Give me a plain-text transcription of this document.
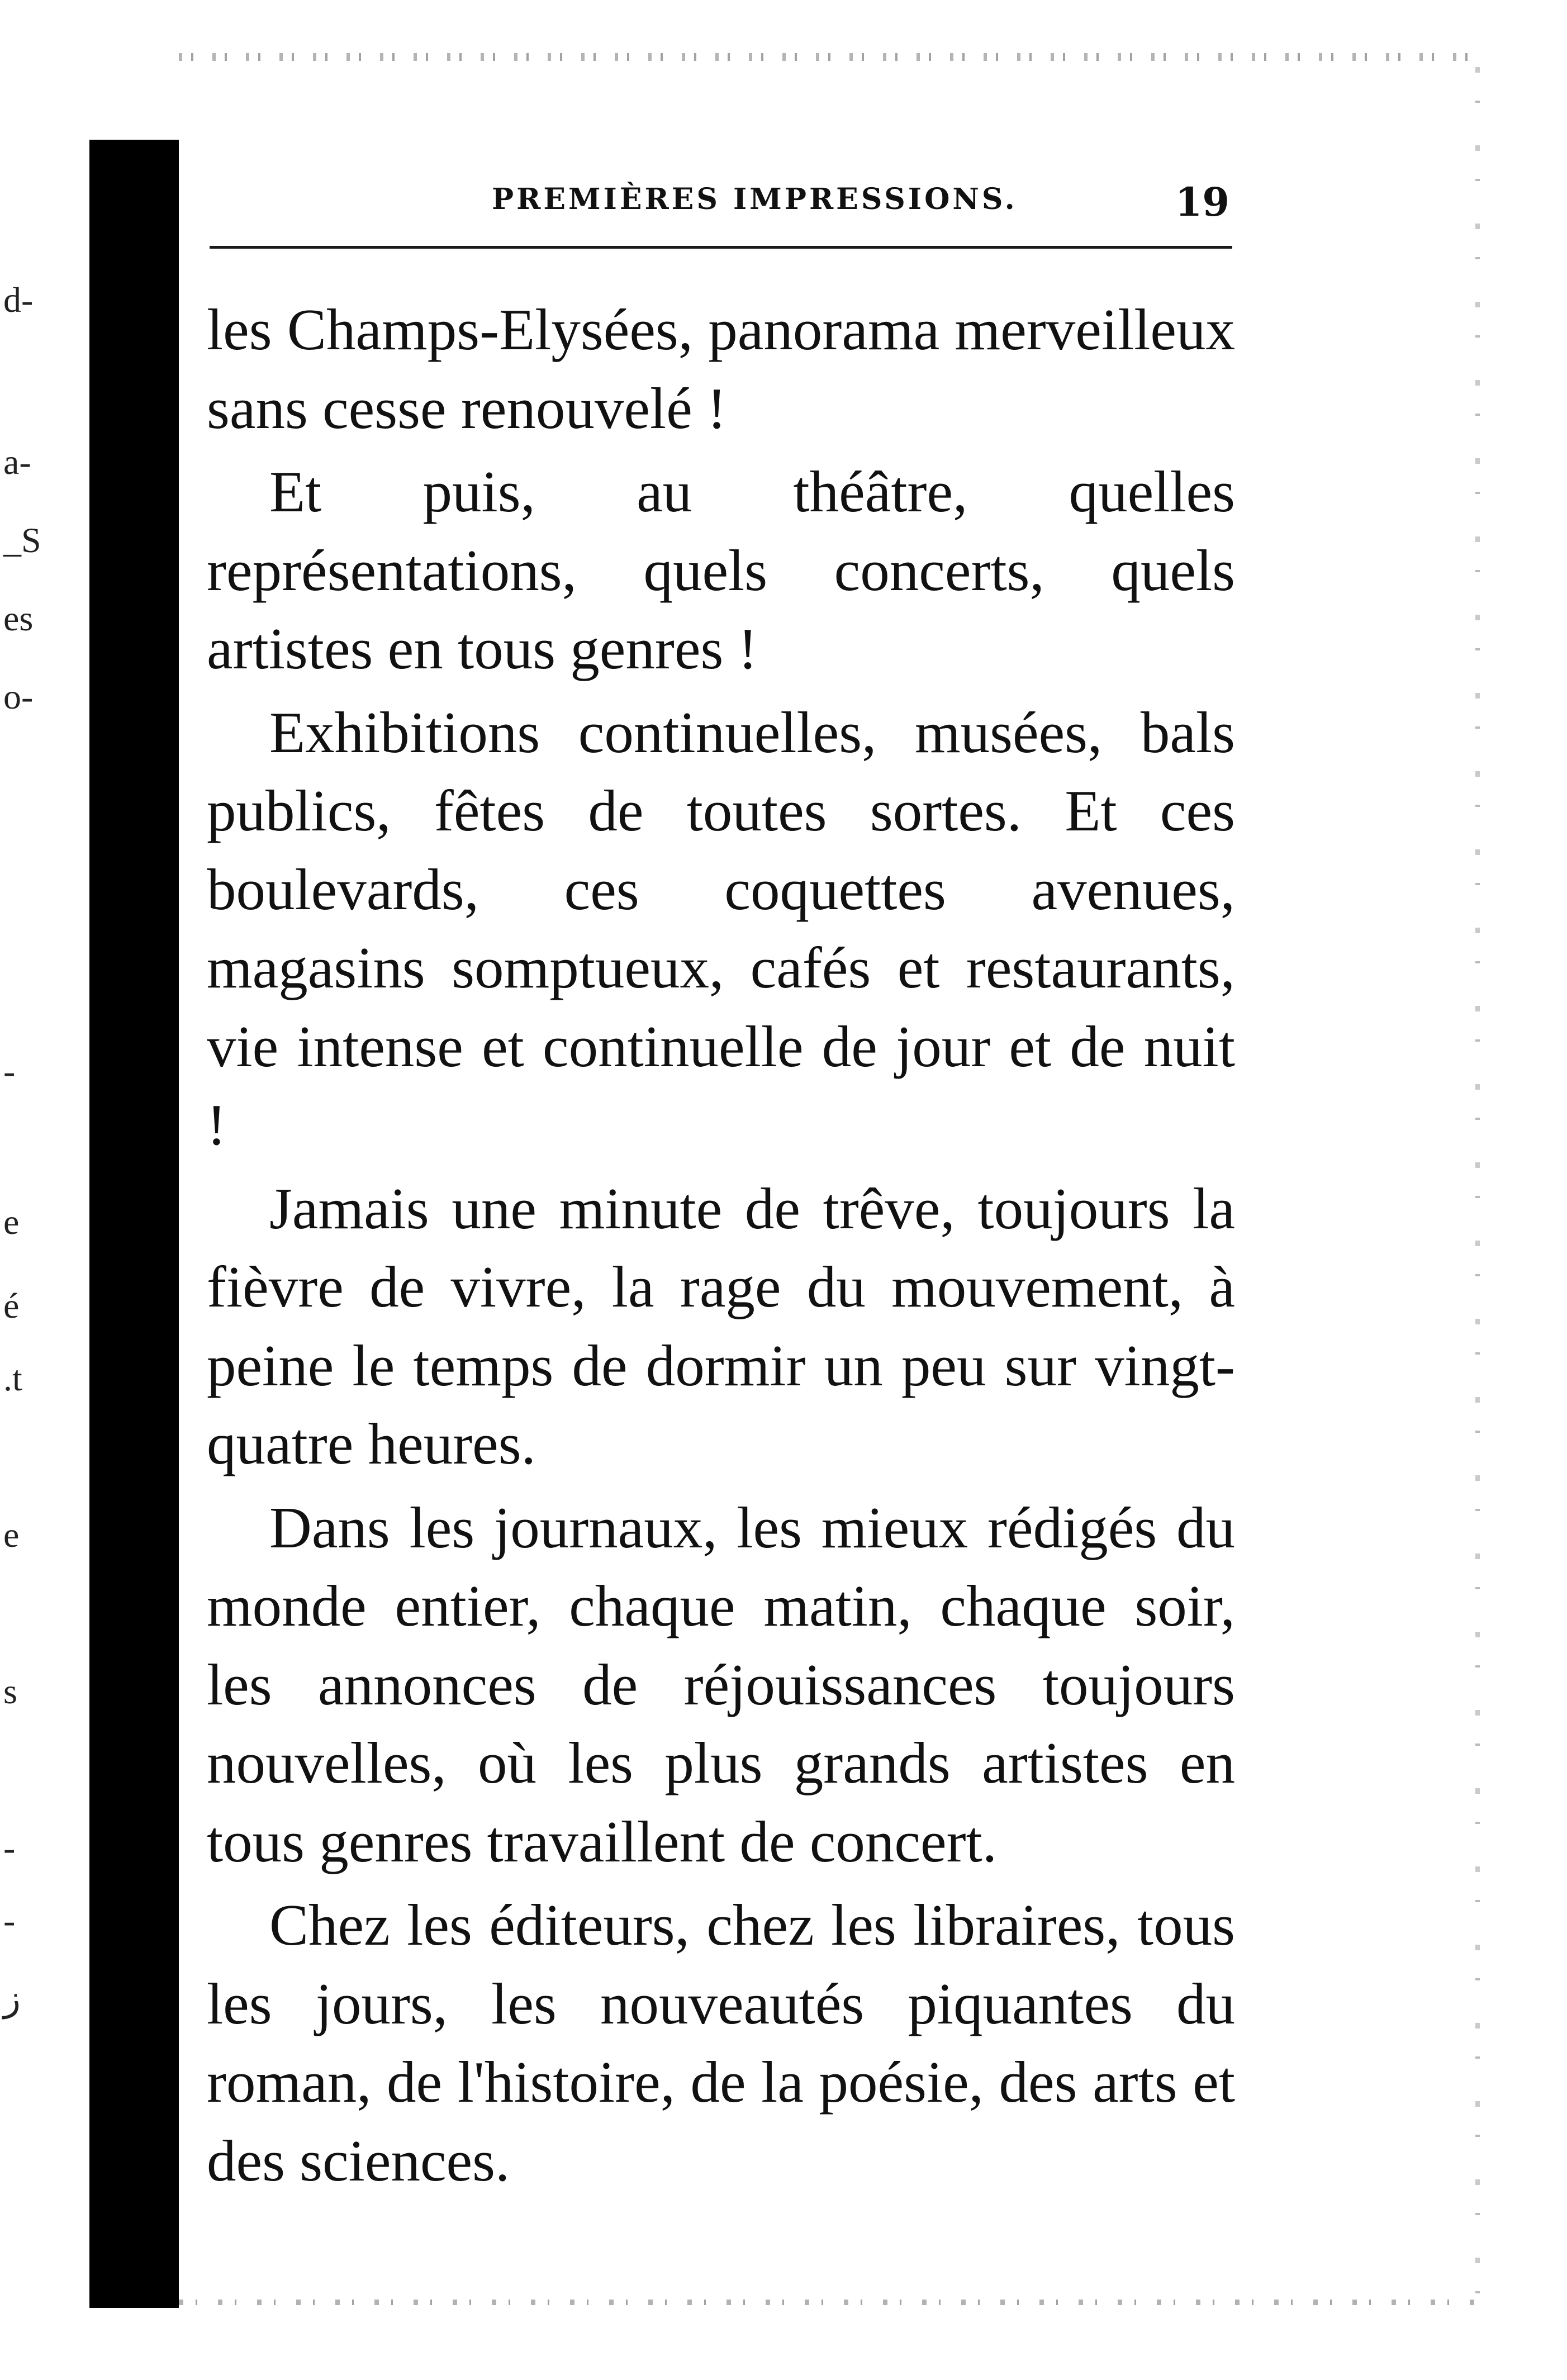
d-
a-
_S
es
o-
-
e
é
.t
e
s
-
-
ز
PREMIÈRES IMPRESSIONS.	19

les Champs-Elysées, panorama merveilleux sans cesse renouvelé !

Et puis, au théâtre, quelles représentations, quels concerts, quels artistes en tous genres !

Exhibitions continuelles, musées, bals publics, fêtes de toutes sortes. Et ces boulevards, ces coquettes avenues, magasins somptueux, cafés et restaurants, vie intense et continuelle de jour et de nuit !

Jamais une minute de trêve, toujours la fièvre de vivre, la rage du mouvement, à peine le temps de dormir un peu sur vingt-quatre heures.

Dans les journaux, les mieux rédigés du monde entier, chaque matin, chaque soir, les annonces de réjouissances toujours nouvelles, où les plus grands artistes en tous genres travaillent de concert.

Chez les éditeurs, chez les libraires, tous les jours, les nouveautés piquantes du roman, de l'histoire, de la poésie, des arts et des sciences.
